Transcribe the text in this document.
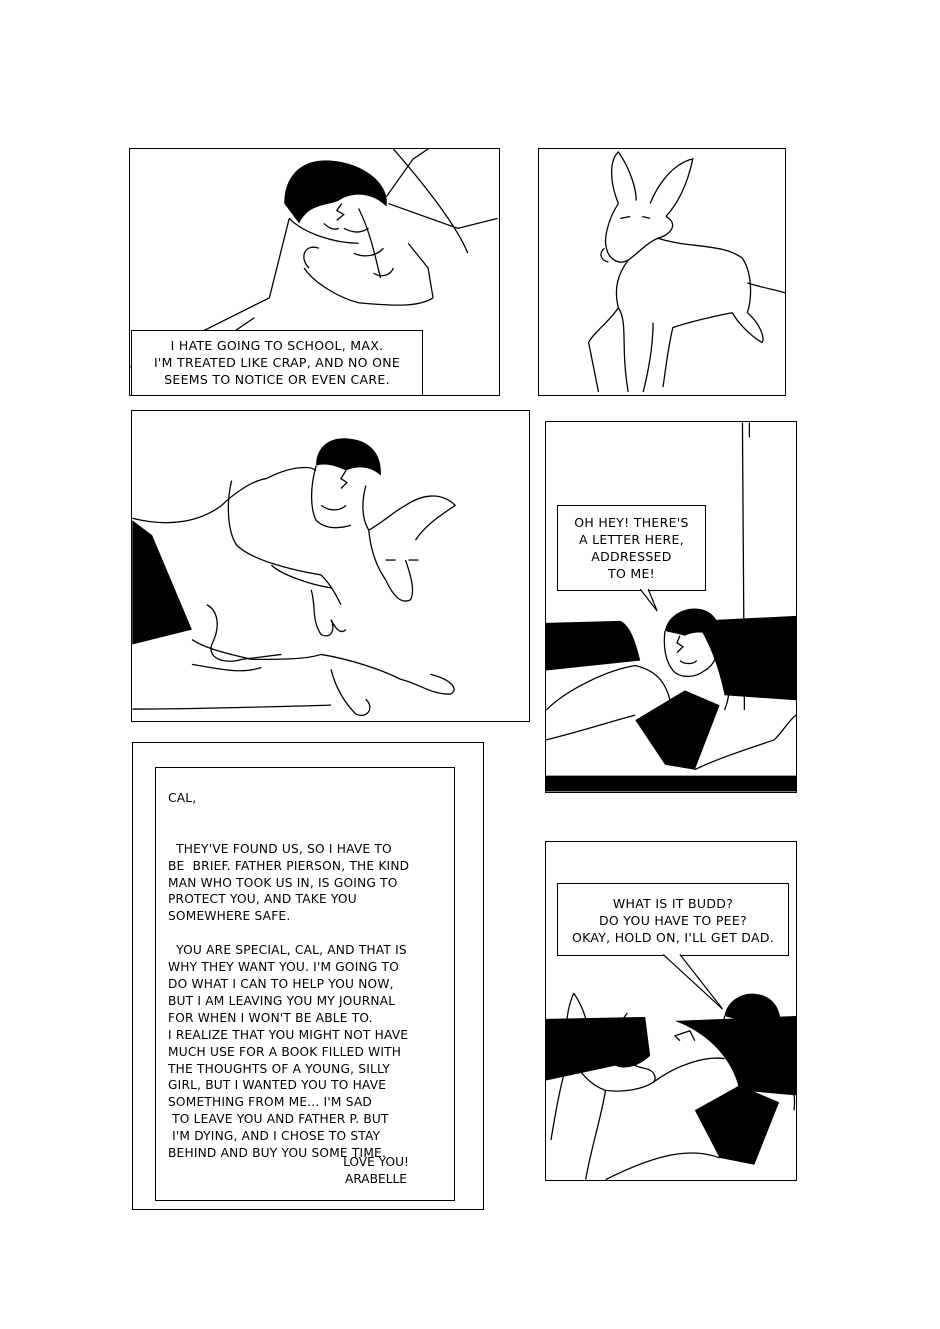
I HATE GOING TO SCHOOL, MAX.
I'M TREATED LIKE CRAP, AND NO ONE
SEEMS TO NOTICE OR EVEN CARE.
OH HEY! THERE'S
A LETTER HERE,
ADDRESSED
TO ME!

CAL,

THEY'VE FOUND US, SO I HAVE TO

BE  BRIEF. FATHER PIERSON, THE KIND

MAN WHO TOOK US IN, IS GOING TO

PROTECT YOU, AND TAKE YOU

SOMEWHERE SAFE.

YOU ARE SPECIAL, CAL, AND THAT IS

WHY THEY WANT YOU. I'M GOING TO

DO WHAT I CAN TO HELP YOU NOW,

BUT I AM LEAVING YOU MY JOURNAL

FOR WHEN I WON'T BE ABLE TO.

I REALIZE THAT YOU MIGHT NOT HAVE

MUCH USE FOR A BOOK FILLED WITH

THE THOUGHTS OF A YOUNG, SILLY

GIRL, BUT I WANTED YOU TO HAVE

SOMETHING FROM ME... I'M SAD

TO LEAVE YOU AND FATHER P. BUT

I'M DYING, AND I CHOSE TO STAY

BEHIND AND BUY YOU SOME TIME.

LOVE YOU!
ARABELLE
WHAT IS IT BUDD?
DO YOU HAVE TO PEE?
OKAY, HOLD ON, I'LL GET DAD.
